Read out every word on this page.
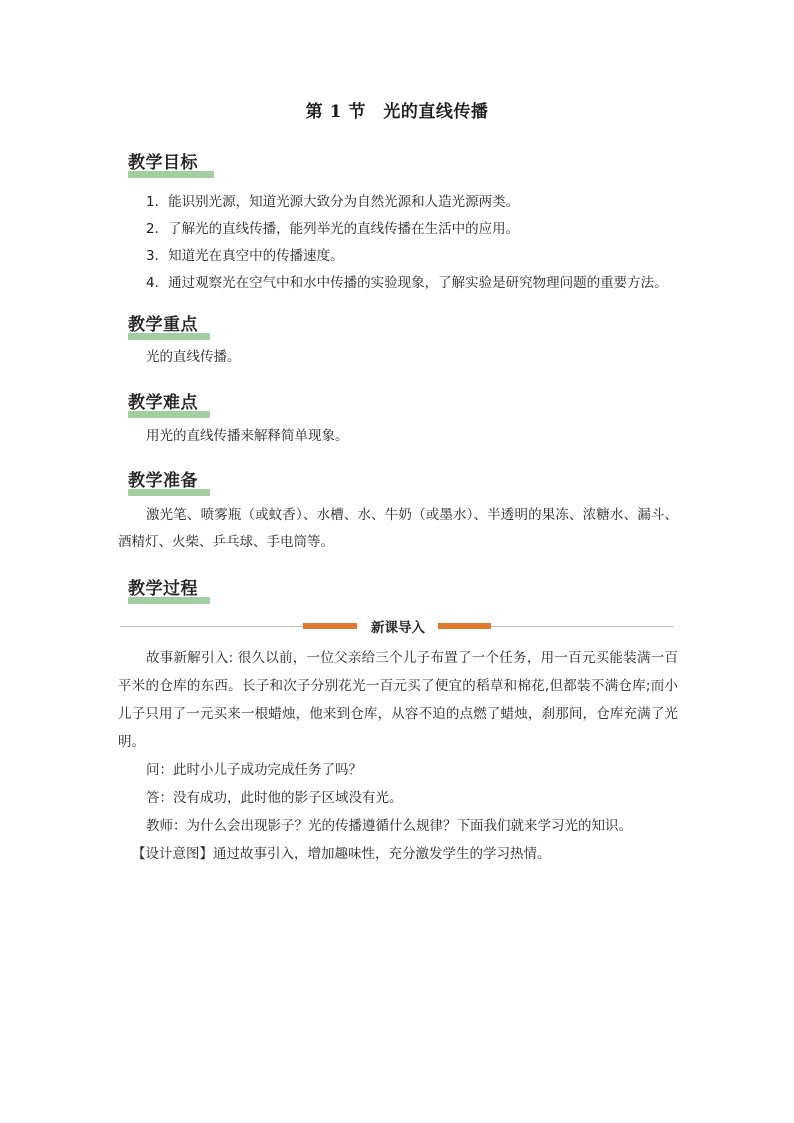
第 1 节　光的直线传播
教学目标
1．能识别光源，知道光源大致分为自然光源和人造光源两类。
2．了解光的直线传播，能列举光的直线传播在生活中的应用。
3．知道光在真空中的传播速度。
4．通过观察光在空气中和水中传播的实验现象，了解实验是研究物理问题的重要方法。
教学重点
光的直线传播。
教学难点
用光的直线传播来解释简单现象。
教学准备
激光笔、喷雾瓶（或蚊香）、水槽、水、牛奶（或墨水）、半透明的果冻、浓糖水、漏斗、酒精灯、火柴、乒乓球、手电筒等。
教学过程
新课导入

故事新解引入: 很久以前，一位父亲给三个儿子布置了一个任务，用一百元买能装满一百平米的仓库的东西。长子和次子分别花光一百元买了便宜的稻草和棉花,但都装不满仓库;而小儿子只用了一元买来一根蜡烛，他来到仓库，从容不迫的点燃了蜡烛，刹那间，仓库充满了光明。

问：此时小儿子成功完成任务了吗？

答：没有成功，此时他的影子区域没有光。

教师：为什么会出现影子？光的传播遵循什么规律？下面我们就来学习光的知识。

【设计意图】通过故事引入，增加趣味性，充分激发学生的学习热情。
